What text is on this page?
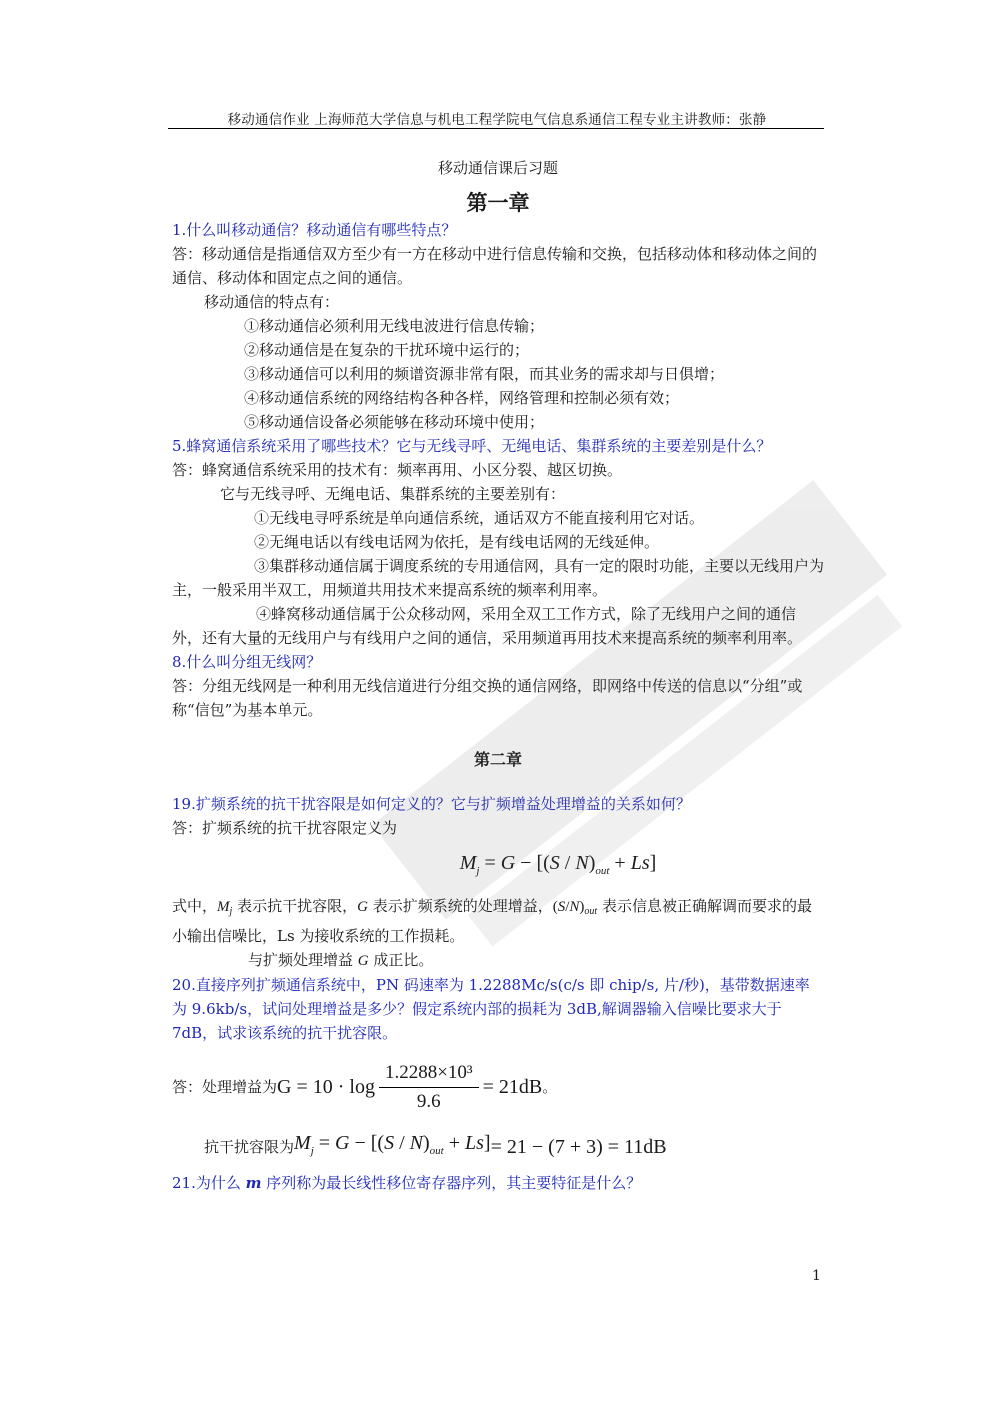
移动通信作业 上海师范大学信息与机电工程学院电气信息系通信工程专业主讲教师：张静

移动通信课后习题

第一章

1.什么叫移动通信？移动通信有哪些特点？

答：移动通信是指通信双方至少有一方在移动中进行信息传输和交换，包括移动体和移动体之间的通信、移动体和固定点之间的通信。

移动通信的特点有：

①移动通信必须利用无线电波进行信息传输；

②移动通信是在复杂的干扰环境中运行的；

③移动通信可以利用的频谱资源非常有限，而其业务的需求却与日俱增；

④移动通信系统的网络结构各种各样，网络管理和控制必须有效；

⑤移动通信设备必须能够在移动环境中使用；

5.蜂窝通信系统采用了哪些技术？它与无线寻呼、无绳电话、集群系统的主要差别是什么？

答：蜂窝通信系统采用的技术有：频率再用、小区分裂、越区切换。

它与无线寻呼、无绳电话、集群系统的主要差别有：

①无线电寻呼系统是单向通信系统，通话双方不能直接利用它对话。

②无绳电话以有线电话网为依托，是有线电话网的无线延伸。

③集群移动通信属于调度系统的专用通信网，具有一定的限时功能，主要以无线用户为主，一般采用半双工，用频道共用技术来提高系统的频率利用率。

④蜂窝移动通信属于公众移动网，采用全双工工作方式，除了无线用户之间的通信外，还有大量的无线用户与有线用户之间的通信，采用频道再用技术来提高系统的频率利用率。

8.什么叫分组无线网？

答：分组无线网是一种利用无线信道进行分组交换的通信网络，即网络中传送的信息以“分组”或称“信包”为基本单元。

第二章

19.扩频系统的抗干扰容限是如何定义的？它与扩频增益处理增益的关系如何？

答：扩频系统的抗干扰容限定义为

$M_j = G - [(S / N)_{out} + Ls]$

式中，$M_j$ 表示抗干扰容限，G 表示扩频系统的处理增益，$(S/N)_{out}$ 表示信息被正确解调而要求的最小输出信噪比，Ls 为接收系统的工作损耗。

与扩频处理增益 G 成正比。

20.直接序列扩频通信系统中，PN 码速率为 1.2288Mc/s(c/s 即 chip/s, 片/秒)，基带数据速率为 9.6kb/s，试问处理增益是多少？假定系统内部的损耗为 3dB,解调器输入信噪比要求大于 7dB，试求该系统的抗干扰容限。

答：处理增益为 $G = 10 \cdot \log \frac{\text{1.2288×10³}}{9.6} = 21dB$ 。
抗干扰容限为 $M_j = G - [(S / N)_{out} + Ls] = 21 - (7 + 3) = 11dB$

21.为什么 m 序列称为最长线性移位寄存器序列，其主要特征是什么？

1
